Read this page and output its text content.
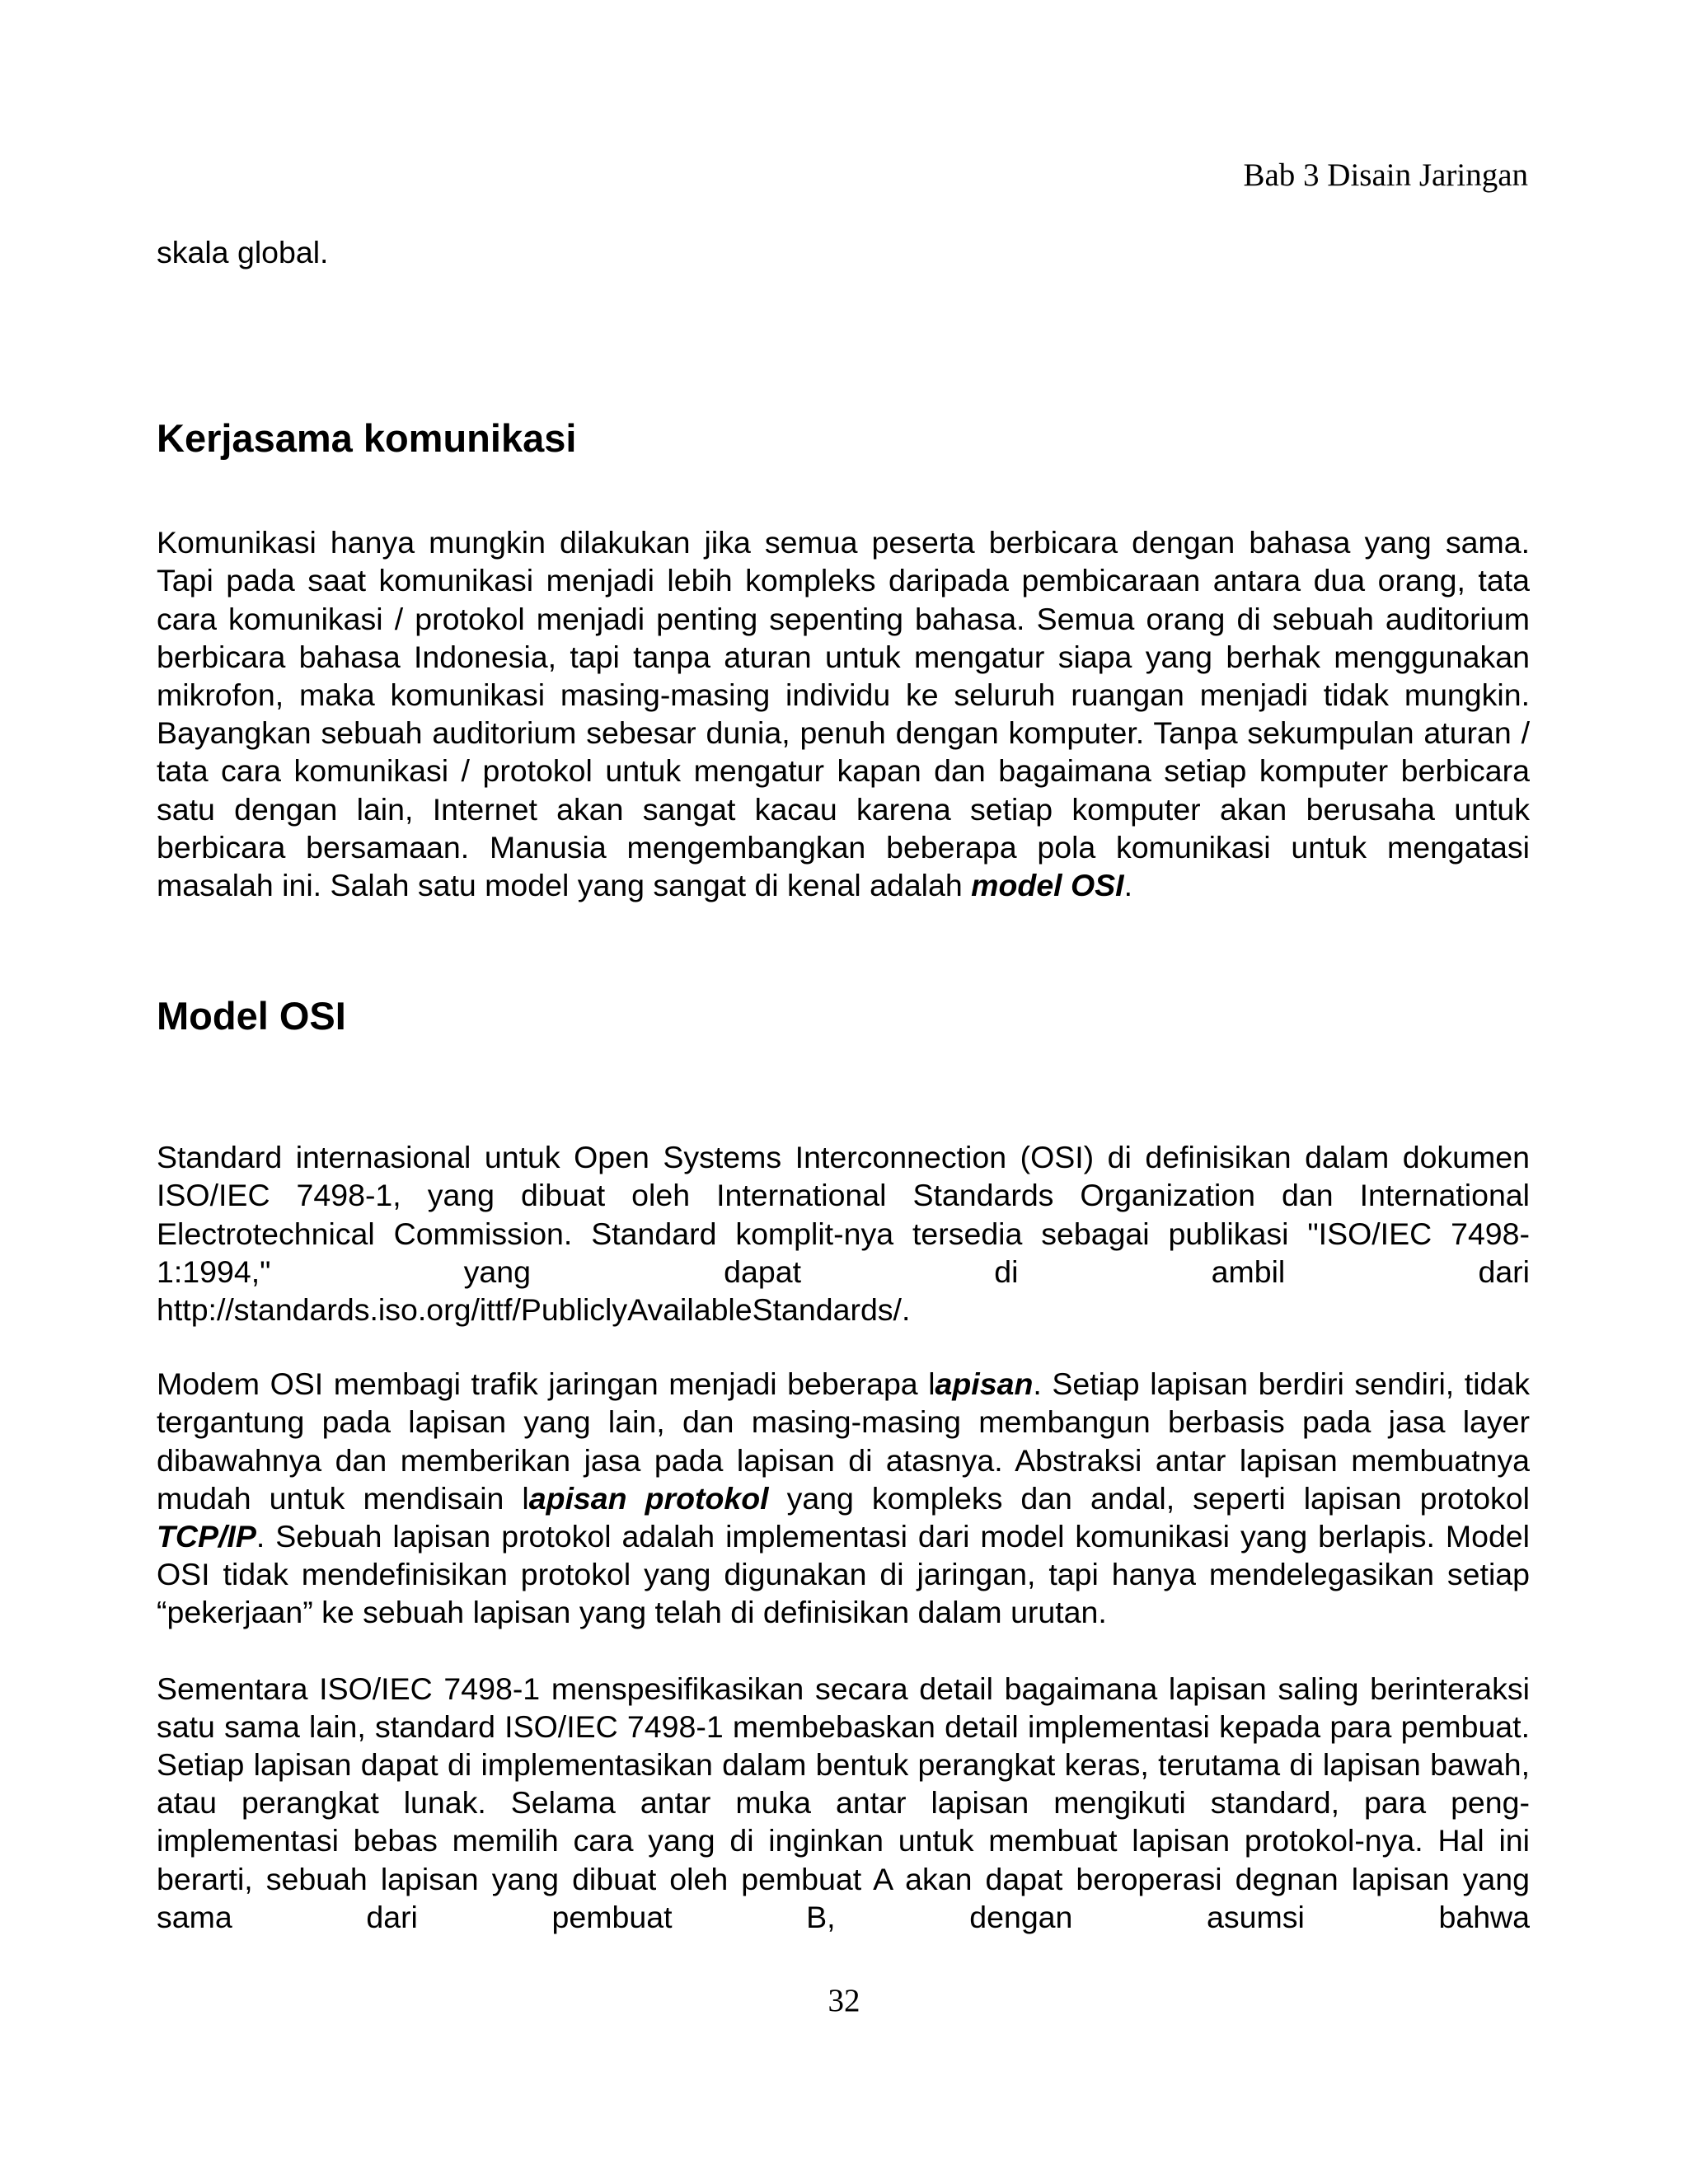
Bab 3 Disain Jaringan

skala global.

Kerjasama komunikasi

Komunikasi hanya mungkin dilakukan jika semua peserta berbicara dengan bahasa yang sama. Tapi pada saat komunikasi menjadi lebih kompleks daripada pembicaraan antara dua orang, tata cara komunikasi / protokol menjadi penting sepenting bahasa. Semua orang di sebuah auditorium berbicara bahasa Indonesia, tapi tanpa aturan untuk mengatur siapa yang berhak menggunakan mikrofon, maka komunikasi masing-masing individu ke seluruh ruangan menjadi tidak mungkin. Bayangkan sebuah auditorium sebesar dunia, penuh dengan komputer. Tanpa sekumpulan aturan / tata cara komunikasi / protokol untuk mengatur kapan dan bagaimana setiap komputer berbicara satu dengan lain, Internet akan sangat kacau karena setiap komputer akan berusaha untuk berbicara bersamaan. Manusia mengembangkan beberapa pola komunikasi untuk mengatasi masalah ini. Salah satu model yang sangat di kenal adalah model OSI.

Model OSI

Standard internasional untuk Open Systems Interconnection (OSI) di definisikan dalam dokumen ISO/IEC 7498-1, yang dibuat oleh International Standards Organization dan International Electrotechnical Commission. Standard komplit-nya tersedia sebagai publikasi "ISO/IEC 7498-1:1994," yang dapat di ambil dari

http://standards.iso.org/ittf/PubliclyAvailableStandards/.

Modem OSI membagi trafik jaringan menjadi beberapa lapisan. Setiap lapisan berdiri sendiri, tidak tergantung pada lapisan yang lain, dan masing-masing membangun berbasis pada jasa layer dibawahnya dan memberikan jasa pada lapisan di atasnya. Abstraksi antar lapisan membuatnya mudah untuk mendisain lapisan protokol yang kompleks dan andal, seperti lapisan protokol TCP/IP. Sebuah lapisan protokol adalah implementasi dari model komunikasi yang berlapis. Model OSI tidak mendefinisikan protokol yang digunakan di jaringan, tapi hanya mendelegasikan setiap “pekerjaan” ke sebuah lapisan yang telah di definisikan dalam urutan.

Sementara ISO/IEC 7498-1 menspesifikasikan secara detail bagaimana lapisan saling berinteraksi satu sama lain, standard ISO/IEC 7498-1 membebaskan detail implementasi kepada para pembuat. Setiap lapisan dapat di implementasikan dalam bentuk perangkat keras, terutama di lapisan bawah, atau perangkat lunak. Selama antar muka antar lapisan mengikuti standard, para peng-implementasi bebas memilih cara yang di inginkan untuk membuat lapisan protokol-nya. Hal ini berarti, sebuah lapisan yang dibuat oleh pembuat A akan dapat beroperasi degnan lapisan yang sama dari pembuat B, dengan asumsi bahwa

32
